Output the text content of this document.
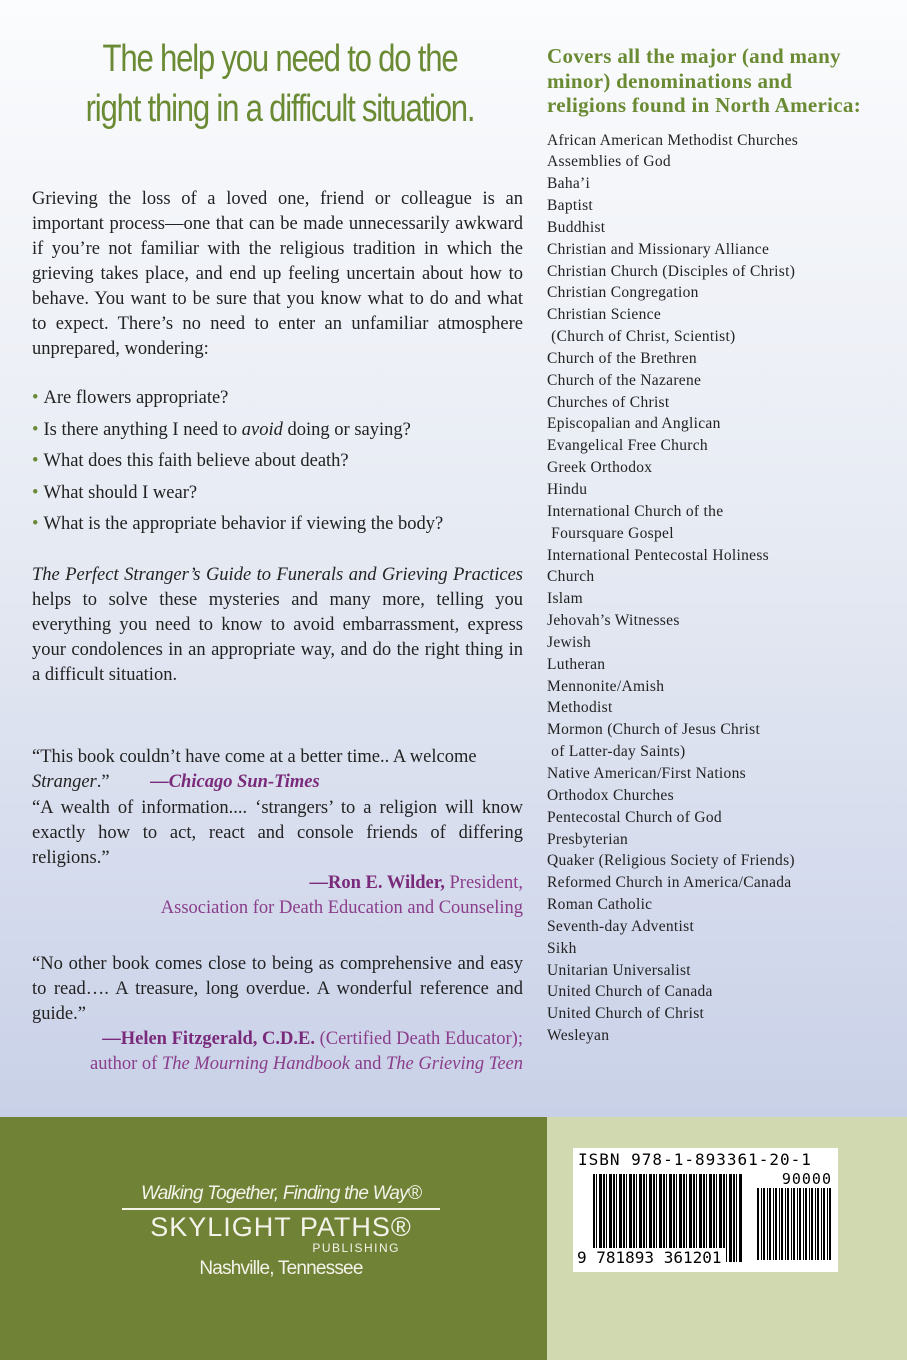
The help you need to do the right thing in a difficult situation.

Grieving the loss of a loved one, friend or colleague is an important process—one that can be made unnecessarily awkward if you’re not familiar with the religious tradition in which the grieving takes place, and end up feeling uncertain about how to behave. You want to be sure that you know what to do and what to expect. There’s no need to enter an unfamiliar atmosphere unprepared, wondering:

• Are flowers appropriate?
• Is there anything I need to avoid doing or saying?
• What does this faith believe about death?
• What should I wear?
• What is the appropriate behavior if viewing the body?

The Perfect Stranger’s Guide to Funerals and Grieving Practices helps to solve these mysteries and many more, telling you everything you need to know to avoid embarrassment, express your condolences in an appropriate way, and do the right thing in a difficult situation.

“This book couldn’t have come at a better time.. A welcome Stranger.” —Chicago Sun-Times

“A wealth of information.... ‘strangers’ to a religion will know exactly how to act, react and console friends of differing religions.”

—Ron E. Wilder, President,

Association for Death Education and Counseling

“No other book comes close to being as comprehensive and easy to read…. A treasure, long overdue. A wonderful reference and guide.”

—Helen Fitzgerald, C.D.E. (Certified Death Educator);

author of The Mourning Handbook and The Grieving Teen

Covers all the major (and many minor) denominations and religions found in North America:
African American Methodist Churches
Assemblies of God
Baha’i
Baptist
Buddhist
Christian and Missionary Alliance
Christian Church (Disciples of Christ)
Christian Congregation
Christian Science
(Church of Christ, Scientist)
Church of the Brethren
Church of the Nazarene
Churches of Christ
Episcopalian and Anglican
Evangelical Free Church
Greek Orthodox
Hindu
International Church of the
Foursquare Gospel
International Pentecostal Holiness
Church
Islam
Jehovah’s Witnesses
Jewish
Lutheran
Mennonite/Amish
Methodist
Mormon (Church of Jesus Christ
of Latter-day Saints)
Native American/First Nations
Orthodox Churches
Pentecostal Church of God
Presbyterian
Quaker (Religious Society of Friends)
Reformed Church in America/Canada
Roman Catholic
Seventh-day Adventist
Sikh
Unitarian Universalist
United Church of Canada
United Church of Christ
Wesleyan
Walking Together, Finding the Way®
SKYLIGHT PATHS®
PUBLISHING
Nashville, Tennessee
ISBN 978-1-893361-20-1
90000
9 781893 361201
